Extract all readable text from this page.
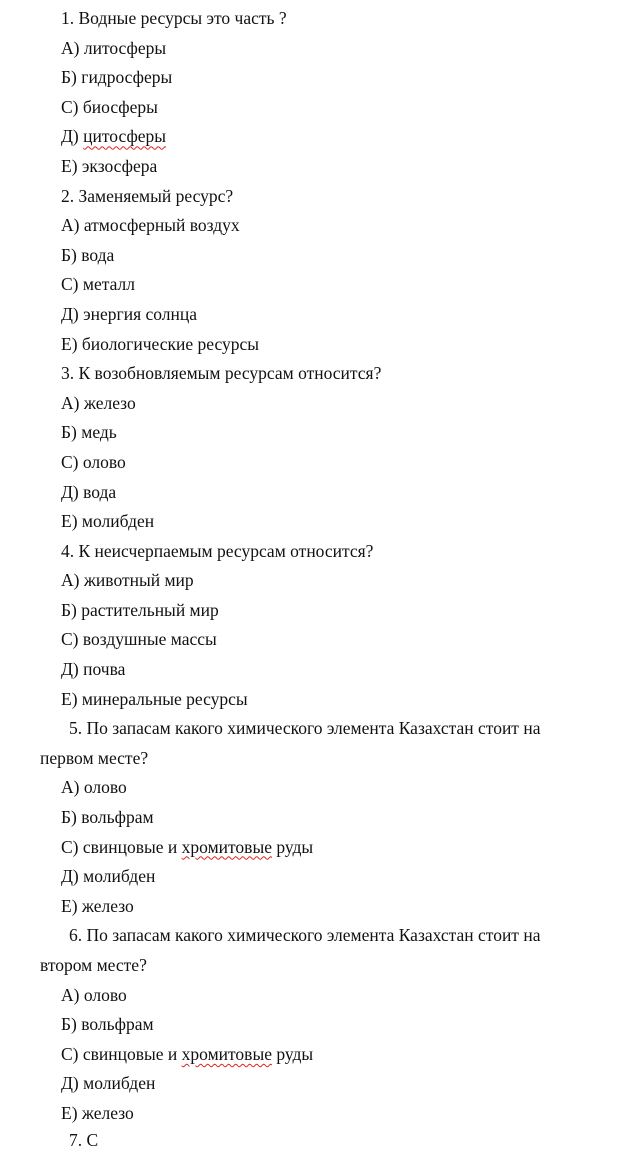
1. Водные ресурсы это часть ?
А) литосферы
Б) гидросферы
С) биосферы
Д) цитосферы
Е) экзосфера
2. Заменяемый ресурс?
А) атмосферный воздух
Б) вода
С) металл
Д) энергия солнца
Е) биологические ресурсы
3. К возобновляемым ресурсам относится?
А) железо
Б) медь
С) олово
Д) вода
Е) молибден
4. К неисчерпаемым ресурсам относится?
А) животный мир
Б) растительный мир
С) воздушные массы
Д) почва
Е) минеральные ресурсы
5. По запасам какого химического элемента Казахстан стоит на
первом месте?
А) олово
Б) вольфрам
С) свинцовые и хромитовые руды
Д) молибден
Е) железо
6. По запасам какого химического элемента Казахстан стоит на
втором месте?
А) олово
Б) вольфрам
С) свинцовые и хромитовые руды
Д) молибден
Е) железо
7. С
